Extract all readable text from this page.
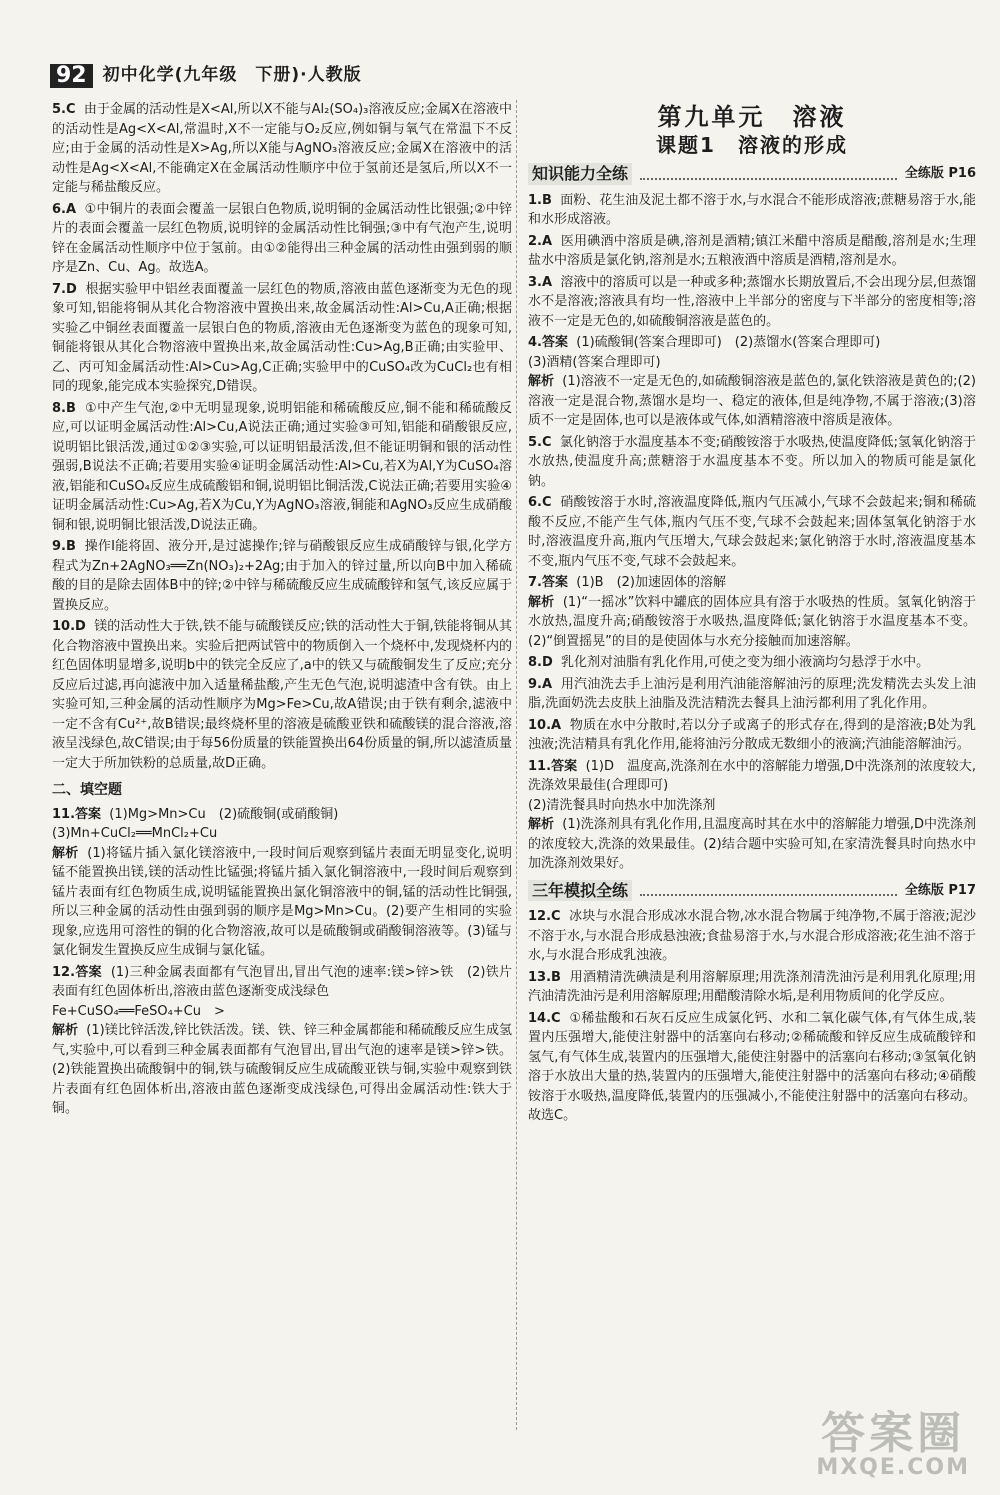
92 初中化学(九年级　下册)·人教版

5.C 由于金属的活动性是X<Al,所以X不能与Al₂(SO₄)₃溶液反应;金属X在溶液中的活动性是Ag<X<Al,常温时,X不一定能与O₂反应,例如铜与氧气在常温下不反应;由于金属的活动性是X>Ag,所以X能与AgNO₃溶液反应;金属X在溶液中的活动性是Ag<X<Al,不能确定X在金属活动性顺序中位于氢前还是氢后,所以X不一定能与稀盐酸反应。

6.A ①中铜片的表面会覆盖一层银白色物质,说明铜的金属活动性比银强;②中锌片的表面会覆盖一层红色物质,说明锌的金属活动性比铜强;③中有气泡产生,说明锌在金属活动性顺序中位于氢前。由①②能得出三种金属的活动性由强到弱的顺序是Zn、Cu、Ag。故选A。

7.D 根据实验甲中铝丝表面覆盖一层红色的物质,溶液由蓝色逐渐变为无色的现象可知,铝能将铜从其化合物溶液中置换出来,故金属活动性:Al>Cu,A正确;根据实验乙中铜丝表面覆盖一层银白色的物质,溶液由无色逐渐变为蓝色的现象可知,铜能将银从其化合物溶液中置换出来,故金属活动性:Cu>Ag,B正确;由实验甲、乙、丙可知金属活动性:Al>Cu>Ag,C正确;实验甲中的CuSO₄改为CuCl₂也有相同的现象,能完成本实验探究,D错误。

8.B ①中产生气泡,②中无明显现象,说明铝能和稀硫酸反应,铜不能和稀硫酸反应,可以证明金属活动性:Al>Cu,A说法正确;通过实验③可知,铝能和硝酸银反应,说明铝比银活泼,通过①②③实验,可以证明铝最活泼,但不能证明铜和银的活动性强弱,B说法不正确;若要用实验④证明金属活动性:Al>Cu,若X为Al,Y为CuSO₄溶液,铝能和CuSO₄反应生成硫酸铝和铜,说明铝比铜活泼,C说法正确;若要用实验④证明金属活动性:Cu>Ag,若X为Cu,Y为AgNO₃溶液,铜能和AgNO₃反应生成硝酸铜和银,说明铜比银活泼,D说法正确。

9.B 操作Ⅰ能将固、液分开,是过滤操作;锌与硝酸银反应生成硝酸锌与银,化学方程式为Zn+2AgNO₃══Zn(NO₃)₂+2Ag;由于加入的锌过量,所以向B中加入稀硫酸的目的是除去固体B中的锌;②中锌与稀硫酸反应生成硫酸锌和氢气,该反应属于置换反应。

10.D 镁的活动性大于铁,铁不能与硫酸镁反应;铁的活动性大于铜,铁能将铜从其化合物溶液中置换出来。实验后把两试管中的物质倒入一个烧杯中,发现烧杯内的红色固体明显增多,说明b中的铁完全反应了,a中的铁又与硫酸铜发生了反应;充分反应后过滤,再向滤液中加入适量稀盐酸,产生无色气泡,说明滤渣中含有铁。由上实验可知,三种金属的活动性顺序为Mg>Fe>Cu,故A错误;由于铁有剩余,滤液中一定不含有Cu²⁺,故B错误;最终烧杯里的溶液是硫酸亚铁和硫酸镁的混合溶液,溶液呈浅绿色,故C错误;由于每56份质量的铁能置换出64份质量的铜,所以滤渣质量一定大于所加铁粉的总质量,故D正确。

二、填空题

11.答案 (1)Mg>Mn>Cu　(2)硫酸铜(或硝酸铜)
(3)Mn+CuCl₂══MnCl₂+Cu
解析 (1)将锰片插入氯化镁溶液中,一段时间后观察到锰片表面无明显变化,说明锰不能置换出镁,镁的活动性比锰强;将锰片插入氯化铜溶液中,一段时间后观察到锰片表面有红色物质生成,说明锰能置换出氯化铜溶液中的铜,锰的活动性比铜强,所以三种金属的活动性由强到弱的顺序是Mg>Mn>Cu。(2)要产生相同的实验现象,应选用可溶性的铜的化合物溶液,故可以是硫酸铜或硝酸铜溶液等。(3)锰与氯化铜发生置换反应生成铜与氯化锰。

12.答案 (1)三种金属表面都有气泡冒出,冒出气泡的速率:镁>锌>铁　(2)铁片表面有红色固体析出,溶液由蓝色逐渐变成浅绿色
Fe+CuSO₄══FeSO₄+Cu　>
解析 (1)镁比锌活泼,锌比铁活泼。镁、铁、锌三种金属都能和稀硫酸反应生成氢气,实验中,可以看到三种金属表面都有气泡冒出,冒出气泡的速率是镁>锌>铁。(2)铁能置换出硫酸铜中的铜,铁与硫酸铜反应生成硫酸亚铁与铜,实验中观察到铁片表面有红色固体析出,溶液由蓝色逐渐变成浅绿色,可得出金属活动性:铁大于铜。

第九单元　溶液
课题1　溶液的形成
知识能力全练	全练版 P16

1.B 面粉、花生油及泥土都不溶于水,与水混合不能形成溶液;蔗糖易溶于水,能和水形成溶液。

2.A 医用碘酒中溶质是碘,溶剂是酒精;镇江米醋中溶质是醋酸,溶剂是水;生理盐水中溶质是氯化钠,溶剂是水;五粮液酒中溶质是酒精,溶剂是水。

3.A 溶液中的溶质可以是一种或多种;蒸馏水长期放置后,不会出现分层,但蒸馏水不是溶液;溶液具有均一性,溶液中上半部分的密度与下半部分的密度相等;溶液不一定是无色的,如硫酸铜溶液是蓝色的。

4.答案 (1)硫酸铜(答案合理即可)　(2)蒸馏水(答案合理即可)
(3)酒精(答案合理即可)
解析 (1)溶液不一定是无色的,如硫酸铜溶液是蓝色的,氯化铁溶液是黄色的;(2)溶液一定是混合物,蒸馏水是均一、稳定的液体,但是纯净物,不属于溶液;(3)溶质不一定是固体,也可以是液体或气体,如酒精溶液中溶质是液体。

5.C 氯化钠溶于水温度基本不变;硝酸铵溶于水吸热,使温度降低;氢氧化钠溶于水放热,使温度升高;蔗糖溶于水温度基本不变。所以加入的物质可能是氯化钠。

6.C 硝酸铵溶于水时,溶液温度降低,瓶内气压减小,气球不会鼓起来;铜和稀硫酸不反应,不能产生气体,瓶内气压不变,气球不会鼓起来;固体氢氧化钠溶于水时,溶液温度升高,瓶内气压增大,气球会鼓起来;氯化钠溶于水时,溶液温度基本不变,瓶内气压不变,气球不会鼓起来。

7.答案 (1)B　(2)加速固体的溶解
解析 (1)“一摇冰”饮料中罐底的固体应具有溶于水吸热的性质。氢氧化钠溶于水放热,温度升高;硝酸铵溶于水吸热,温度降低;氯化钠溶于水温度基本不变。(2)“倒置摇晃”的目的是使固体与水充分接触而加速溶解。

8.D 乳化剂对油脂有乳化作用,可使之变为细小液滴均匀悬浮于水中。

9.A 用汽油洗去手上油污是利用汽油能溶解油污的原理;洗发精洗去头发上油脂,洗面奶洗去皮肤上油脂及洗洁精洗去餐具上油污都利用了乳化作用。

10.A 物质在水中分散时,若以分子或离子的形式存在,得到的是溶液;B处为乳浊液;洗洁精具有乳化作用,能将油污分散成无数细小的液滴;汽油能溶解油污。

11.答案 (1)D　温度高,洗涤剂在水中的溶解能力增强,D中洗涤剂的浓度较大,洗涤效果最佳(合理即可)
(2)清洗餐具时向热水中加洗涤剂
解析 (1)洗涤剂具有乳化作用,且温度高时其在水中的溶解能力增强,D中洗涤剂的浓度较大,洗涤的效果最佳。(2)结合题中实验可知,在家清洗餐具时向热水中加洗涤剂效果好。

三年模拟全练	全练版 P17

12.C 冰块与水混合形成冰水混合物,冰水混合物属于纯净物,不属于溶液;泥沙不溶于水,与水混合形成悬浊液;食盐易溶于水,与水混合形成溶液;花生油不溶于水,与水混合形成乳浊液。

13.B 用酒精清洗碘渍是利用溶解原理;用洗涤剂清洗油污是利用乳化原理;用汽油清洗油污是利用溶解原理;用醋酸清除水垢,是利用物质间的化学反应。

14.C ①稀盐酸和石灰石反应生成氯化钙、水和二氧化碳气体,有气体生成,装置内压强增大,能使注射器中的活塞向右移动;②稀硫酸和锌反应生成硫酸锌和氢气,有气体生成,装置内的压强增大,能使注射器中的活塞向右移动;③氢氧化钠溶于水放出大量的热,装置内的压强增大,能使注射器中的活塞向右移动;④硝酸铵溶于水吸热,温度降低,装置内的压强减小,不能使注射器中的活塞向右移动。故选C。

答案圈
MXQE.COM
